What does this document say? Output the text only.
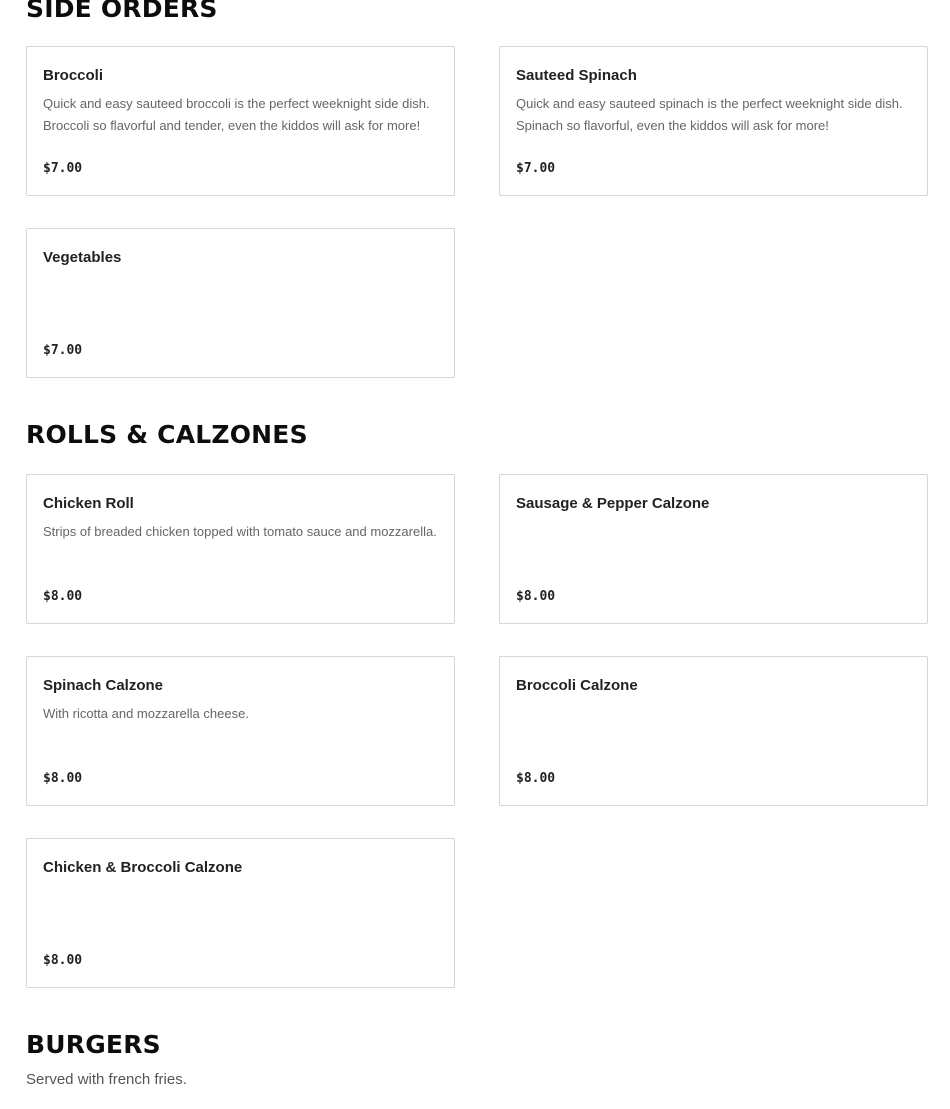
SIDE ORDERS
Broccoli
Quick and easy sauteed broccoli is the perfect weeknight side dish. Broccoli so flavorful and tender, even the kiddos will ask for more!
$7.00
Sauteed Spinach
Quick and easy sauteed spinach is the perfect weeknight side dish. Spinach so flavorful, even the kiddos will ask for more!
$7.00
Vegetables
$7.00
ROLLS & CALZONES
Chicken Roll
Strips of breaded chicken topped with tomato sauce and mozzarella.
$8.00
Sausage & Pepper Calzone
$8.00
Spinach Calzone
With ricotta and mozzarella cheese.
$8.00
Broccoli Calzone
$8.00
Chicken & Broccoli Calzone
$8.00
BURGERS
Served with french fries.
